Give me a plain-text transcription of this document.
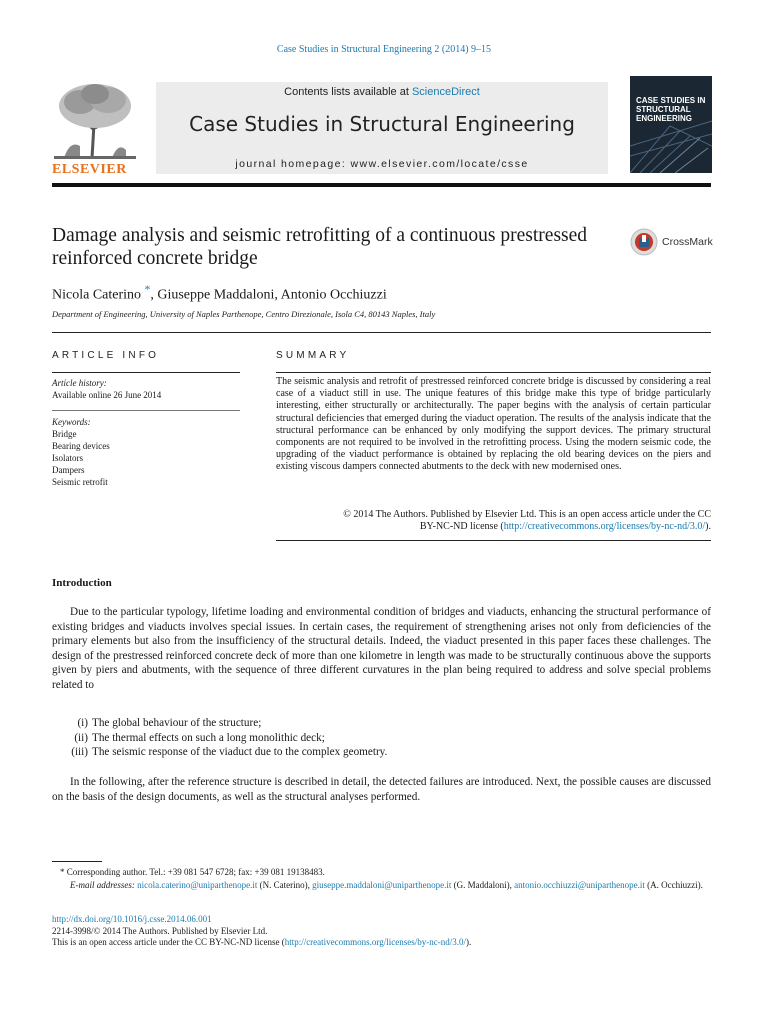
Case Studies in Structural Engineering 2 (2014) 9–15
ELSEVIER
Contents lists available at ScienceDirect
Case Studies in Structural Engineering
journal homepage: www.elsevier.com/locate/csse
CASE STUDIES IN STRUCTURAL ENGINEERING
Damage analysis and seismic retrofitting of a continuous prestressed reinforced concrete bridge
CrossMark
Nicola Caterino *, Giuseppe Maddaloni, Antonio Occhiuzzi
Department of Engineering, University of Naples Parthenope, Centro Direzionale, Isola C4, 80143 Naples, Italy
ARTICLE INFO	SUMMARY
Article history:
Available online 26 June 2014
Keywords:
Bridge
Bearing devices
Isolators
Dampers
Seismic retrofit
The seismic analysis and retrofit of prestressed reinforced concrete bridge is discussed by considering a real case of a viaduct still in use. The unique features of this bridge make this type of bridge particularly interesting, either structurally or architecturally. The paper begins with the analysis of certain particular structural deficiencies that emerged during the viaduct operation. The results of the analysis indicate that the structural performance can be enhanced by only modifying the support devices. The primary structural components are not required to be involved in the retrofitting process. Using the modern seismic code, the upgrading of the viaduct performance is obtained by replacing the old bearing devices on the piers and existing viscous dampers connected abutments to the deck with new modernised ones.
© 2014 The Authors. Published by Elsevier Ltd. This is an open access article under the CC
BY-NC-ND license (http://creativecommons.org/licenses/by-nc-nd/3.0/).
Introduction
Due to the particular typology, lifetime loading and environmental condition of bridges and viaducts, enhancing the structural performance of existing bridges and viaducts involves special issues. In certain cases, the requirement of strengthening arises not only from deficiencies of the primary elements but also from the insufficiency of the structural details. Indeed, the viaduct presented in this paper faces these challenges. The design of the prestressed reinforced concrete deck of more than one kilometre in length was made to be structurally continuous above the supports given by piers and abutments, with the sequence of three different curvatures in the plan being required to address and solve special problems related to
(i) The global behaviour of the structure;
(ii) The thermal effects on such a long monolithic deck;
(iii) The seismic response of the viaduct due to the complex geometry.
In the following, after the reference structure is described in detail, the detected failures are introduced. Next, the possible causes are discussed on the basis of the design documents, as well as the structural analyses performed.
* Corresponding author. Tel.: +39 081 547 6728; fax: +39 081 19138483.
E-mail addresses: nicola.caterino@uniparthenope.it (N. Caterino), giuseppe.maddaloni@uniparthenope.it (G. Maddaloni), antonio.occhiuzzi@uniparthenope.it (A. Occhiuzzi).
http://dx.doi.org/10.1016/j.csse.2014.06.001
2214-3998/© 2014 The Authors. Published by Elsevier Ltd.
This is an open access article under the CC BY-NC-ND license (http://creativecommons.org/licenses/by-nc-nd/3.0/).
